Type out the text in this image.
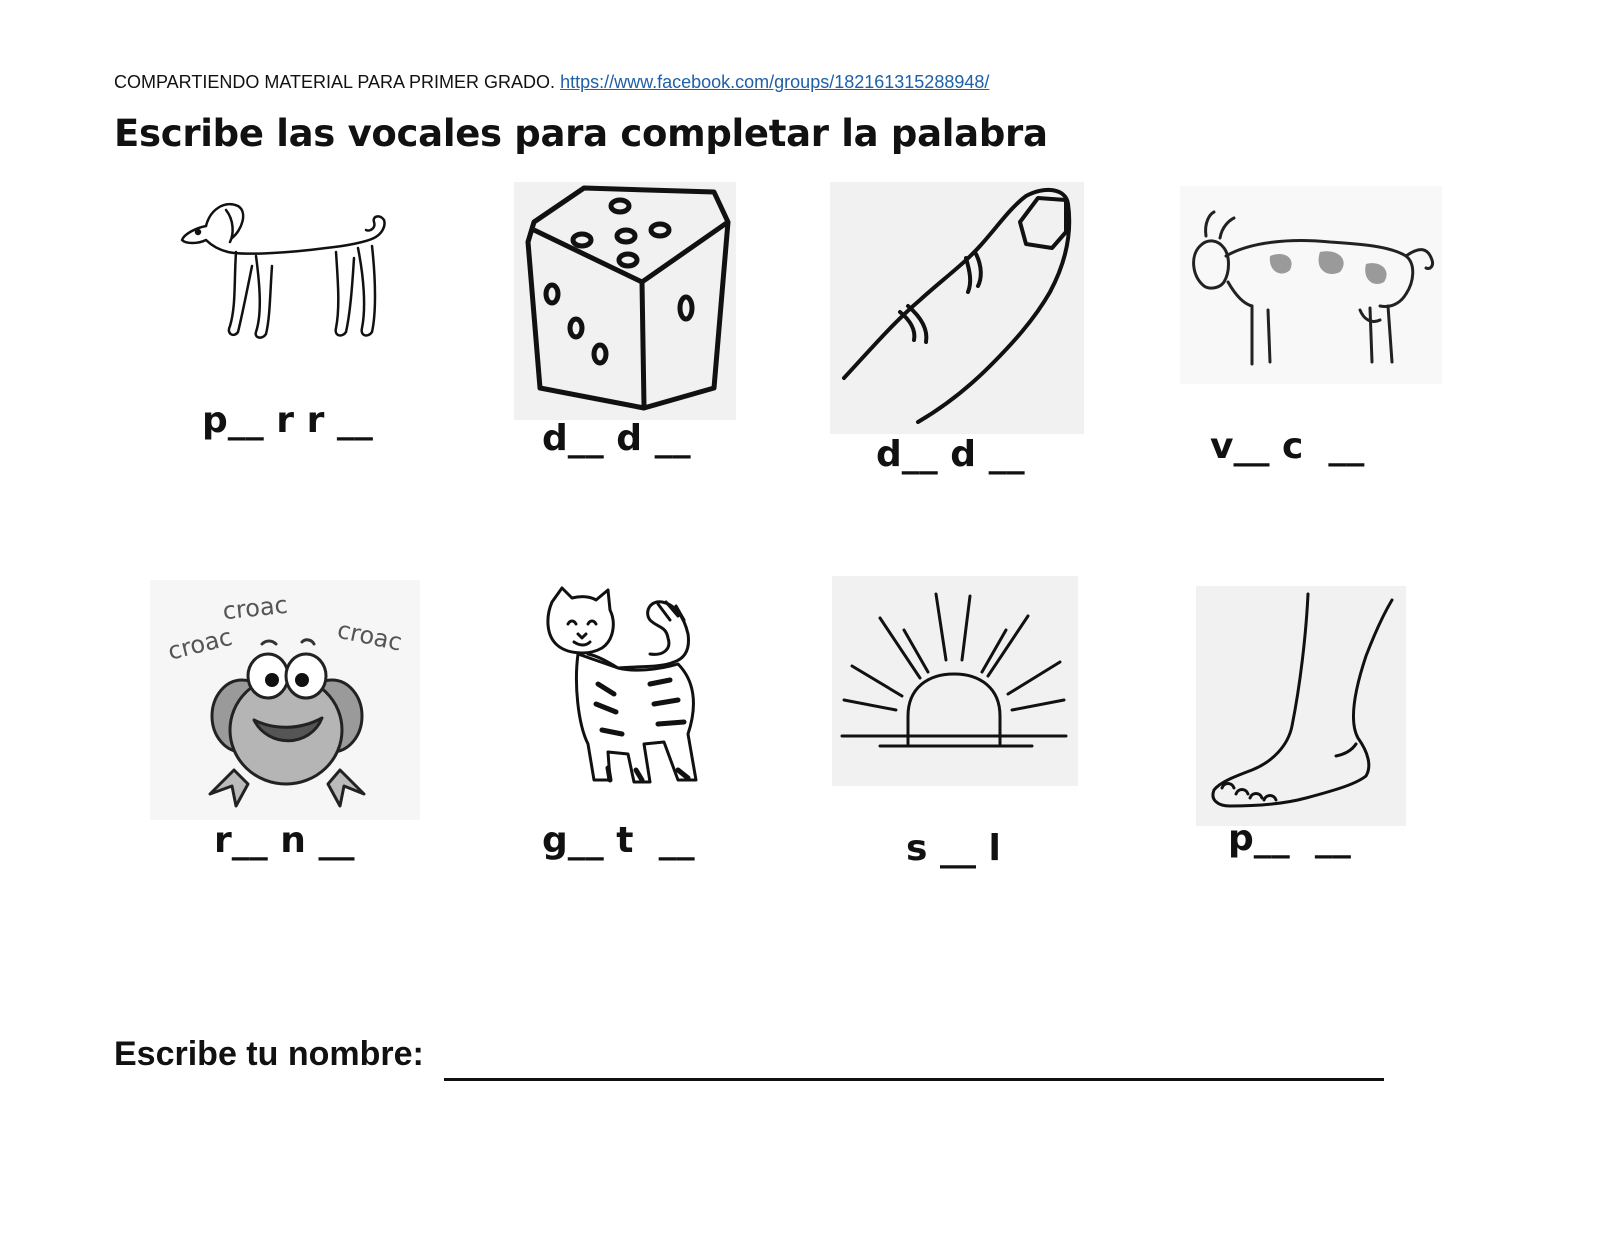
COMPARTIENDO MATERIAL PARA PRIMER GRADO. https://www.facebook.com/groups/182161315288948/
Escribe las vocales para completar la palabra
p__ r r __	d__ d __	d__ d __	v__ c  __
croac
croac	croac
r__ n __	g__ t  __	s __ l	p__  __
Escribe tu nombre:
